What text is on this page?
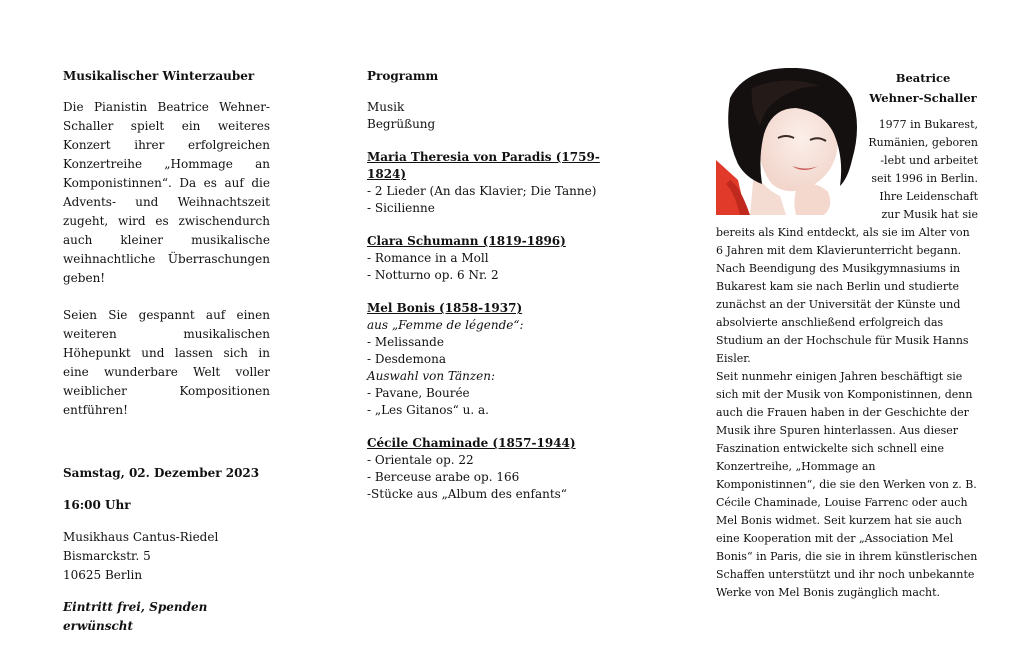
Musikalischer Winterzauber

Die Pianistin Beatrice Wehner-Schaller spielt ein weiteres Konzert ihrer erfolgreichen Konzertreihe „Hommage an Komponistinnen“. Da es auf die Advents- und Weihnachtszeit zugeht, wird es zwischendurch auch kleiner musikalische weihnachtliche Überraschungen geben!

Seien Sie gespannt auf einen weiteren musikalischen Höhepunkt und lassen sich in eine wunderbare Welt voller weiblicher Kompositionen entführen!

Samstag, 02. Dezember 2023

16:00 Uhr

Musikhaus Cantus-Riedel

Bismarckstr. 5

10625 Berlin

Eintritt frei, Spenden erwünscht

Programm

Musik

Begrüßung

Maria Theresia von Paradis (1759-1824)

- 2 Lieder (An das Klavier; Die Tanne)

- Sicilienne

Clara Schumann (1819-1896)

- Romance in a Moll

- Notturno op. 6 Nr. 2

Mel Bonis (1858-1937)

aus „Femme de légende“:

- Melissande

- Desdemona

Auswahl von Tänzen:

- Pavane, Bourée

- „Les Gitanos“ u. a.

Cécile Chaminade (1857-1944)

- Orientale op. 22

- Berceuse arabe op. 166

-Stücke aus „Album des enfants“

Beatrice Wehner-Schaller

1977 in Bukarest,

Rumänien, geboren

-lebt und arbeitet

seit 1996 in Berlin.

Ihre Leidenschaft

zur Musik hat sie

bereits als Kind entdeckt, als sie im Alter von 6 Jahren mit dem Klavierunterricht begann. Nach Beendigung des Musikgymnasiums in Bukarest kam sie nach Berlin und studierte zunächst an der Universität der Künste und absolvierte anschließend erfolgreich das Studium an der Hochschule für Musik Hanns Eisler.

Seit nunmehr einigen Jahren beschäftigt sie sich mit der Musik von Komponistinnen, denn auch die Frauen haben in der Geschichte der Musik ihre Spuren hinterlassen. Aus dieser Faszination entwickelte sich schnell eine Konzertreihe, „Hommage an Komponistinnen“, die sie den Werken von z. B. Cécile Chaminade, Louise Farrenc oder auch Mel Bonis widmet. Seit kurzem hat sie auch eine Kooperation mit der „Association Mel Bonis“ in Paris, die sie in ihrem künstlerischen Schaffen unterstützt und ihr noch unbekannte Werke von Mel Bonis zugänglich macht.
